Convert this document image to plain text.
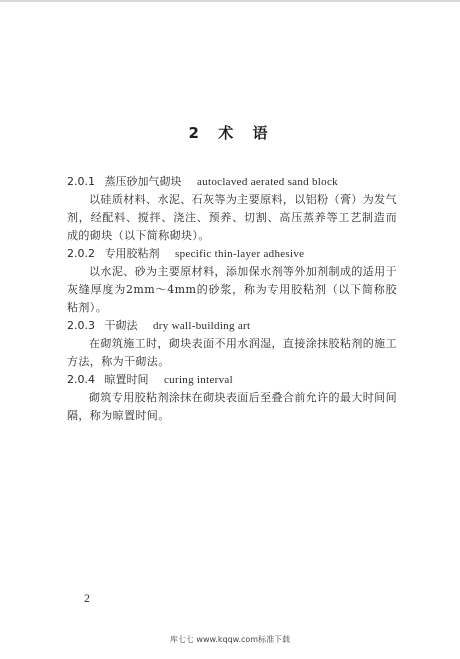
2 术 语
2.0.1 蒸压砂加气砌块 autoclaved aerated sand block
以硅质材料、水泥、石灰等为主要原料，以铝粉（膏）为发气剂，经配料、搅拌、浇注、预养、切割、高压蒸养等工艺制造而成的砌块（以下简称砌块）。
2.0.2 专用胶粘剂 specific thin-layer adhesive
以水泥、砂为主要原材料，添加保水剂等外加剂制成的适用于灰缝厚度为2mm～4mm的砂浆，称为专用胶粘剂（以下简称胶粘剂）。
2.0.3 干砌法 dry wall-building art
在砌筑施工时，砌块表面不用水润湿，直接涂抹胶粘剂的施工方法，称为干砌法。
2.0.4 晾置时间 curing interval
砌筑专用胶粘剂涂抹在砌块表面后至叠合前允许的最大时间间隔，称为晾置时间。
2
库七七 www.kqqw.com标准下载
